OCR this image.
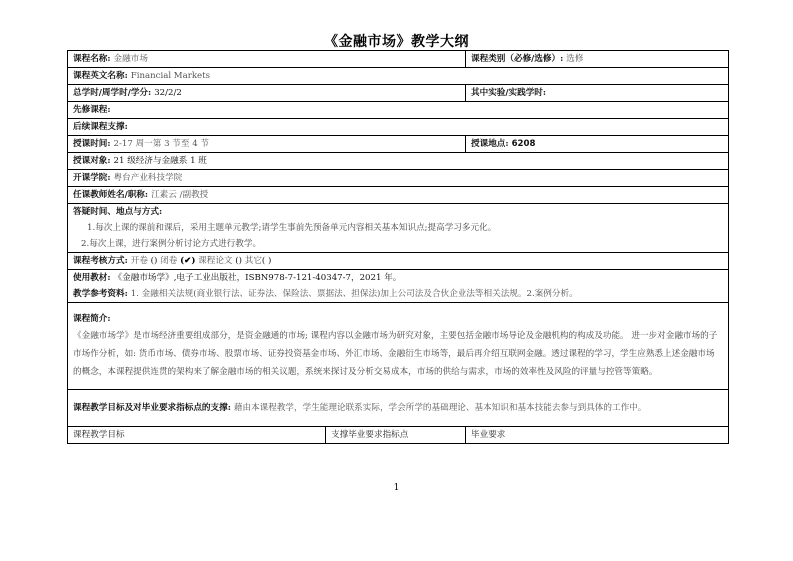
《金融市场》教学大纲
课程名称: 金融市场		课程类别（必修/选修）: 选修
课程英文名称: Financial Markets		
总学时/周学时/学分: 32/2/2		其中实验/实践学时:
先修课程:		
后续课程支撑:		
授课时间: 2-17 周一第 3 节至 4 节		授课地点: 6208
授课对象: 21 级经济与金融系 1 班		
开课学院: 粤台产业科技学院		
任课教师姓名/职称: 江素云 /副教授		

答疑时间、地点与方式:
1.每次上课的课前和课后，采用主题单元教学;请学生事前先预备单元内容相关基本知识点;提高学习多元化。
2.每次上课，进行案例分析讨论方式进行教学。		

课程考核方式: 开卷 () 闭卷 (✔) 课程论文 () 其它( )		
使用教材: 《金融市场学》,电子工业出版社，ISBN978-7-121-40347-7，2021 年。		
教学参考资料: 1. 金融相关法规(商业银行法、证券法、保险法、票据法、担保法)加上公司法及合伙企业法等相关法规。2.案例分析。		

课程简介:
《金融市场学》是市场经济重要组成部分，是资金融通的市场; 课程内容以金融市场为研究对象，主要包括金融市场导论及金融机构的构成及功能。 进一步对金融市场的子市场作分析，如: 货币市场、债券市场、股票市场、证券投资基金市场、外汇市场、金融衍生市场等，最后再介绍互联网金融。透过课程的学习，学生应熟悉上述金融市场的概念，本课程提供连贯的架构来了解金融市场的相关议题，系统来探讨及分析交易成本，市场的供给与需求，市场的效率性及风险的评量与控管等策略。		

课程教学目标及对毕业要求指标点的支撑: 藉由本课程教学，学生能理论联系实际，学会所学的基础理论、基本知识和基本技能去参与到具体的工作中。		
课程教学目标	支撑毕业要求指标点	毕业要求
1
